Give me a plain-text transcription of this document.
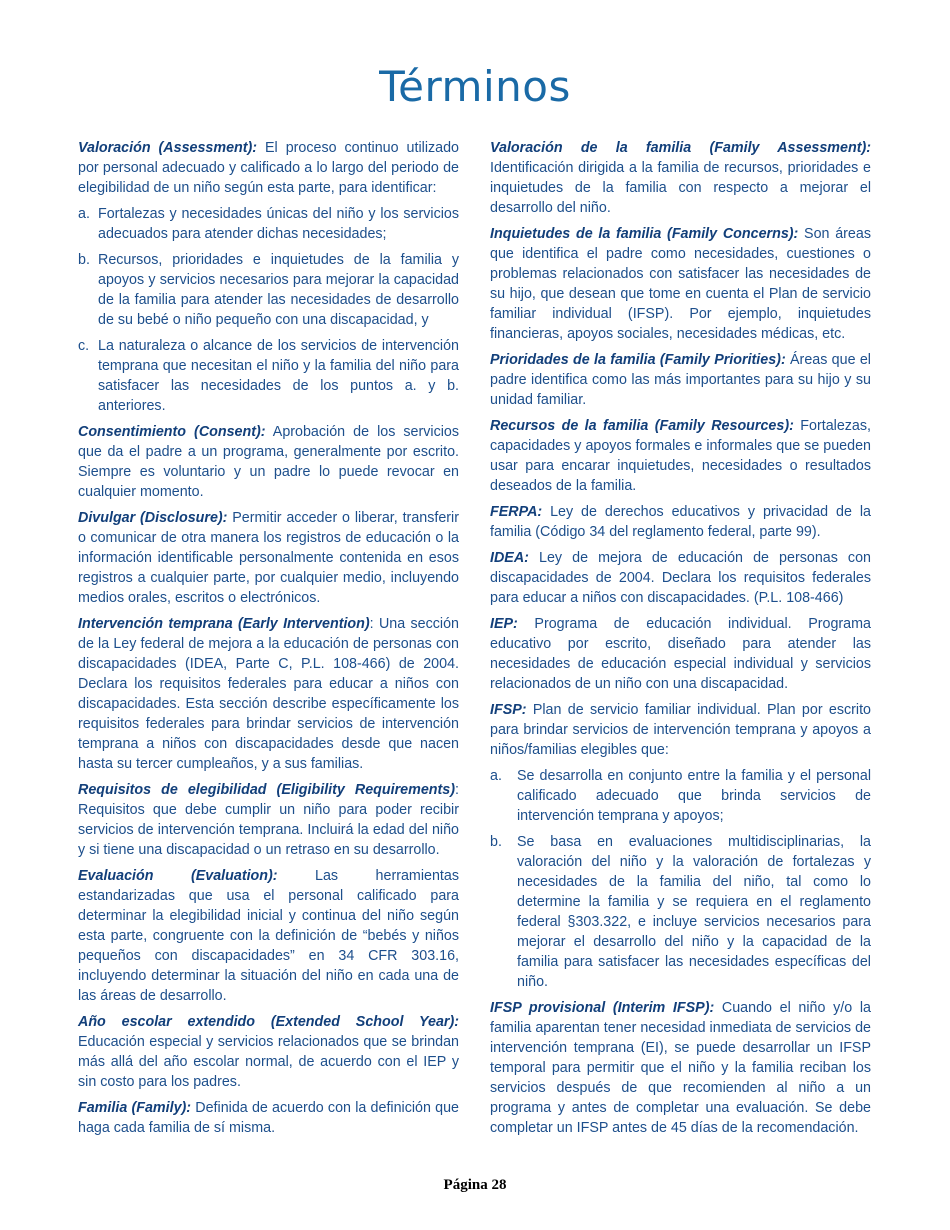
Términos

Valoración (Assessment): El proceso continuo utilizado por personal adecuado y calificado a lo largo del periodo de elegibilidad de un niño según esta parte, para identificar:

a. Fortalezas y necesidades únicas del niño y los servicios adecuados para atender dichas necesidades;

b. Recursos, prioridades e inquietudes de la familia y apoyos y servicios necesarios para mejorar la capacidad de la familia para atender las necesidades de desarrollo de su bebé o niño pequeño con una discapacidad, y

c. La naturaleza o alcance de los servicios de intervención temprana que necesitan el niño y la familia del niño para satisfacer las necesidades de los puntos a. y b. anteriores.

Consentimiento (Consent): Aprobación de los servicios que da el padre a un programa, generalmente por escrito. Siempre es voluntario y un padre lo puede revocar en cualquier momento.

Divulgar (Disclosure): Permitir acceder o liberar, transferir o comunicar de otra manera los registros de educación o la información identificable personalmente contenida en esos registros a cualquier parte, por cualquier medio, incluyendo medios orales, escritos o electrónicos.

Intervención temprana (Early Intervention): Una sección de la Ley federal de mejora a la educación de personas con discapacidades (IDEA, Parte C, P.L. 108-466) de 2004. Declara los requisitos federales para educar a niños con discapacidades. Esta sección describe específicamente los requisitos federales para brindar servicios de intervención temprana a niños con discapacidades desde que nacen hasta su tercer cumpleaños, y a sus familias.

Requisitos de elegibilidad (Eligibility Requirements): Requisitos que debe cumplir un niño para poder recibir servicios de intervención temprana. Incluirá la edad del niño y si tiene una discapacidad o un retraso en su desarrollo.

Evaluación (Evaluation): Las herramientas estandarizadas que usa el personal calificado para determinar la elegibilidad inicial y continua del niño según esta parte, congruente con la definición de “bebés y niños pequeños con discapacidades” en 34 CFR 303.16, incluyendo determinar la situación del niño en cada una de las áreas de desarrollo.

Año escolar extendido (Extended School Year): Educación especial y servicios relacionados que se brindan más allá del año escolar normal, de acuerdo con el IEP y sin costo para los padres.

Familia (Family): Definida de acuerdo con la definición que haga cada familia de sí misma.

Valoración de la familia (Family Assessment): Identificación dirigida a la familia de recursos, prioridades e inquietudes de la familia con respecto a mejorar el desarrollo del niño.

Inquietudes de la familia (Family Concerns): Son áreas que identifica el padre como necesidades, cuestiones o problemas relacionados con satisfacer las necesidades de su hijo, que desean que tome en cuenta el Plan de servicio familiar individual (IFSP). Por ejemplo, inquietudes financieras, apoyos sociales, necesidades médicas, etc.

Prioridades de la familia (Family Priorities): Áreas que el padre identifica como las más importantes para su hijo y su unidad familiar.

Recursos de la familia (Family Resources): Fortalezas, capacidades y apoyos formales e informales que se pueden usar para encarar inquietudes, necesidades o resultados deseados de la familia.

FERPA: Ley de derechos educativos y privacidad de la familia (Código 34 del reglamento federal, parte 99).

IDEA: Ley de mejora de educación de personas con discapacidades de 2004. Declara los requisitos federales para educar a niños con discapacidades. (P.L. 108-466)

IEP: Programa de educación individual. Programa educativo por escrito, diseñado para atender las necesidades de educación especial individual y servicios relacionados de un niño con una discapacidad.

IFSP: Plan de servicio familiar individual. Plan por escrito para brindar servicios de intervención temprana y apoyos a niños/familias elegibles que:

a. Se desarrolla en conjunto entre la familia y el personal calificado adecuado que brinda servicios de intervención temprana y apoyos;

b. Se basa en evaluaciones multidisciplinarias, la valoración del niño y la valoración de fortalezas y necesidades de la familia del niño, tal como lo determine la familia y se requiera en el reglamento federal §303.322, e incluye servicios necesarios para mejorar el desarrollo del niño y la capacidad de la familia para satisfacer las necesidades específicas del niño.

IFSP provisional (Interim IFSP): Cuando el niño y/o la familia aparentan tener necesidad inmediata de servicios de intervención temprana (EI), se puede desarrollar un IFSP temporal para permitir que el niño y la familia reciban los servicios después de que recomienden al niño a un programa y antes de completar una evaluación. Se debe completar un IFSP antes de 45 días de la recomendación.

Página 28
